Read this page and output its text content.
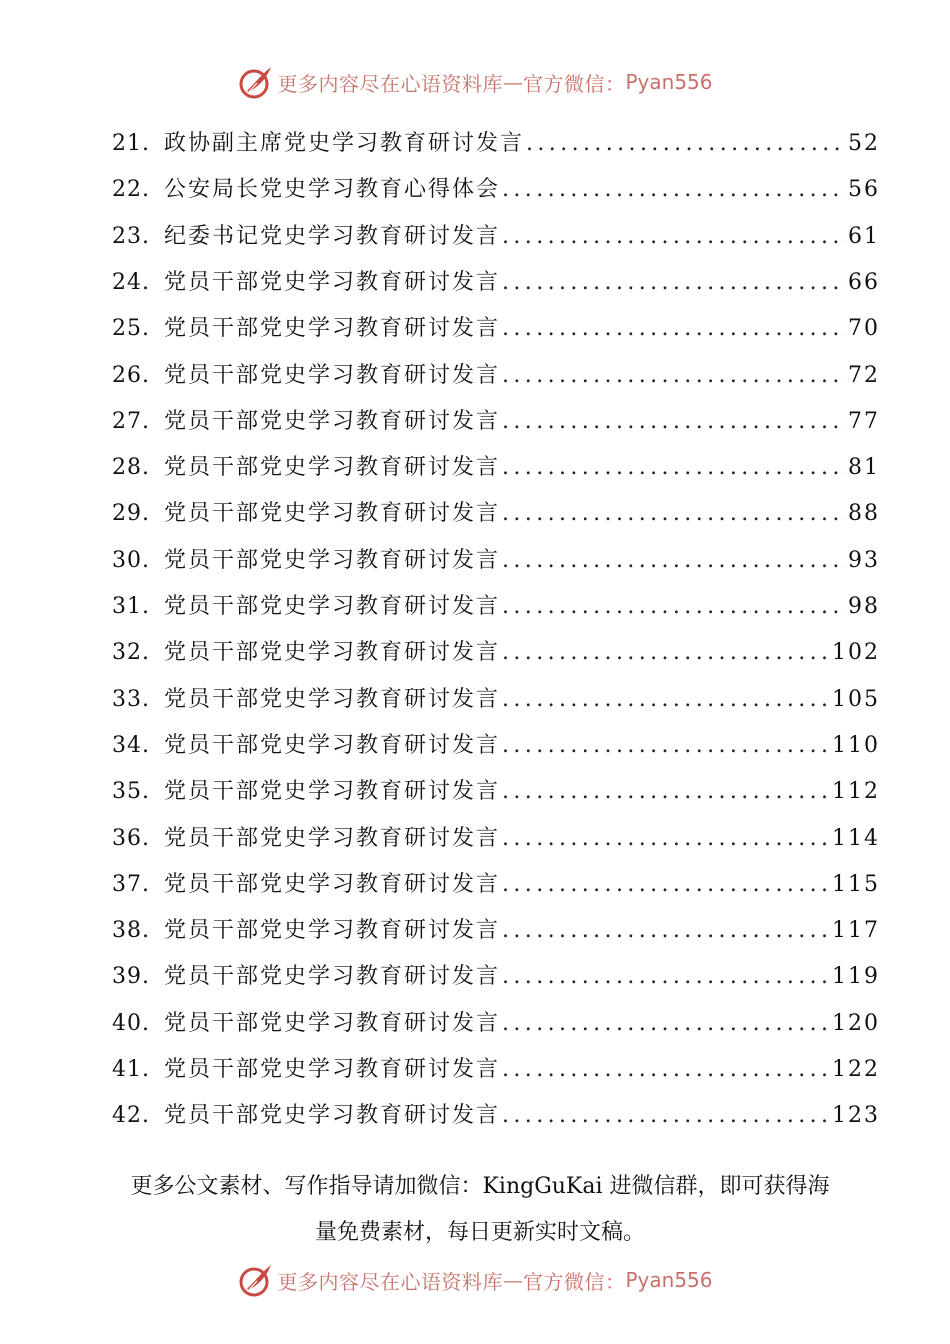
更多内容尽在心语资料库 — 官方微信： Pyan556
21. 政协副主席党史学习教育研讨发言 .....	52
22. 公安局长党史学习教育心得体会 .....	56
23. 纪委书记党史学习教育研讨发言 .....	61
24. 党员干部党史学习教育研讨发言 .....	66
25. 党员干部党史学习教育研讨发言 .....	70
26. 党员干部党史学习教育研讨发言 .....	72
27. 党员干部党史学习教育研讨发言 .....	77
28. 党员干部党史学习教育研讨发言 .....	81
29. 党员干部党史学习教育研讨发言 .....	88
30. 党员干部党史学习教育研讨发言 .....	93
31. 党员干部党史学习教育研讨发言 .....	98
32. 党员干部党史学习教育研讨发言 .....	102
33. 党员干部党史学习教育研讨发言 .....	105
34. 党员干部党史学习教育研讨发言 .....	110
35. 党员干部党史学习教育研讨发言 .....	112
36. 党员干部党史学习教育研讨发言 .....	114
37. 党员干部党史学习教育研讨发言 .....	115
38. 党员干部党史学习教育研讨发言 .....	117
39. 党员干部党史学习教育研讨发言 .....	119
40. 党员干部党史学习教育研讨发言 .....	120
41. 党员干部党史学习教育研讨发言 .....	122
42. 党员干部党史学习教育研讨发言 .....	123
更多公文素材、写作指导请加微信：KingGuKai 进微信群，即可获得海
量免费素材，每日更新实时文稿。
更多内容尽在心语资料库 — 官方微信： Pyan556
